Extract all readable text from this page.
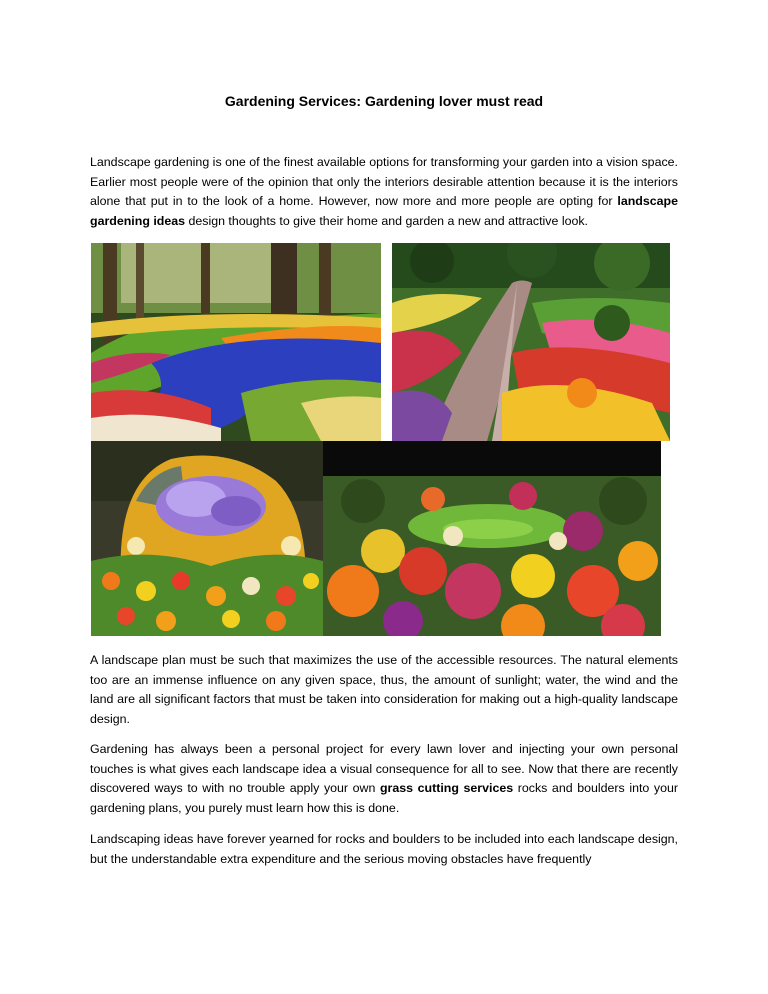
Gardening Services: Gardening lover must read

Landscape gardening is one of the finest available options for transforming your garden into a vision space. Earlier most people were of the opinion that only the interiors desirable attention because it is the interiors alone that put in to the look of a home. However, now more and more people are opting for landscape gardening ideas design thoughts to give their home and garden a new and attractive look.

A landscape plan must be such that maximizes the use of the accessible resources. The natural elements too are an immense influence on any given space, thus, the amount of sunlight; water, the wind and the land are all significant factors that must be taken into consideration for making out a high-quality landscape design.

Gardening has always been a personal project for every lawn lover and injecting your own personal touches is what gives each landscape idea a visual consequence for all to see. Now that there are recently discovered ways to with no trouble apply your own grass cutting services rocks and boulders into your gardening plans, you purely must learn how this is done.

Landscaping ideas have forever yearned for rocks and boulders to be included into each landscape design, but the understandable extra expenditure and the serious moving obstacles have frequently
